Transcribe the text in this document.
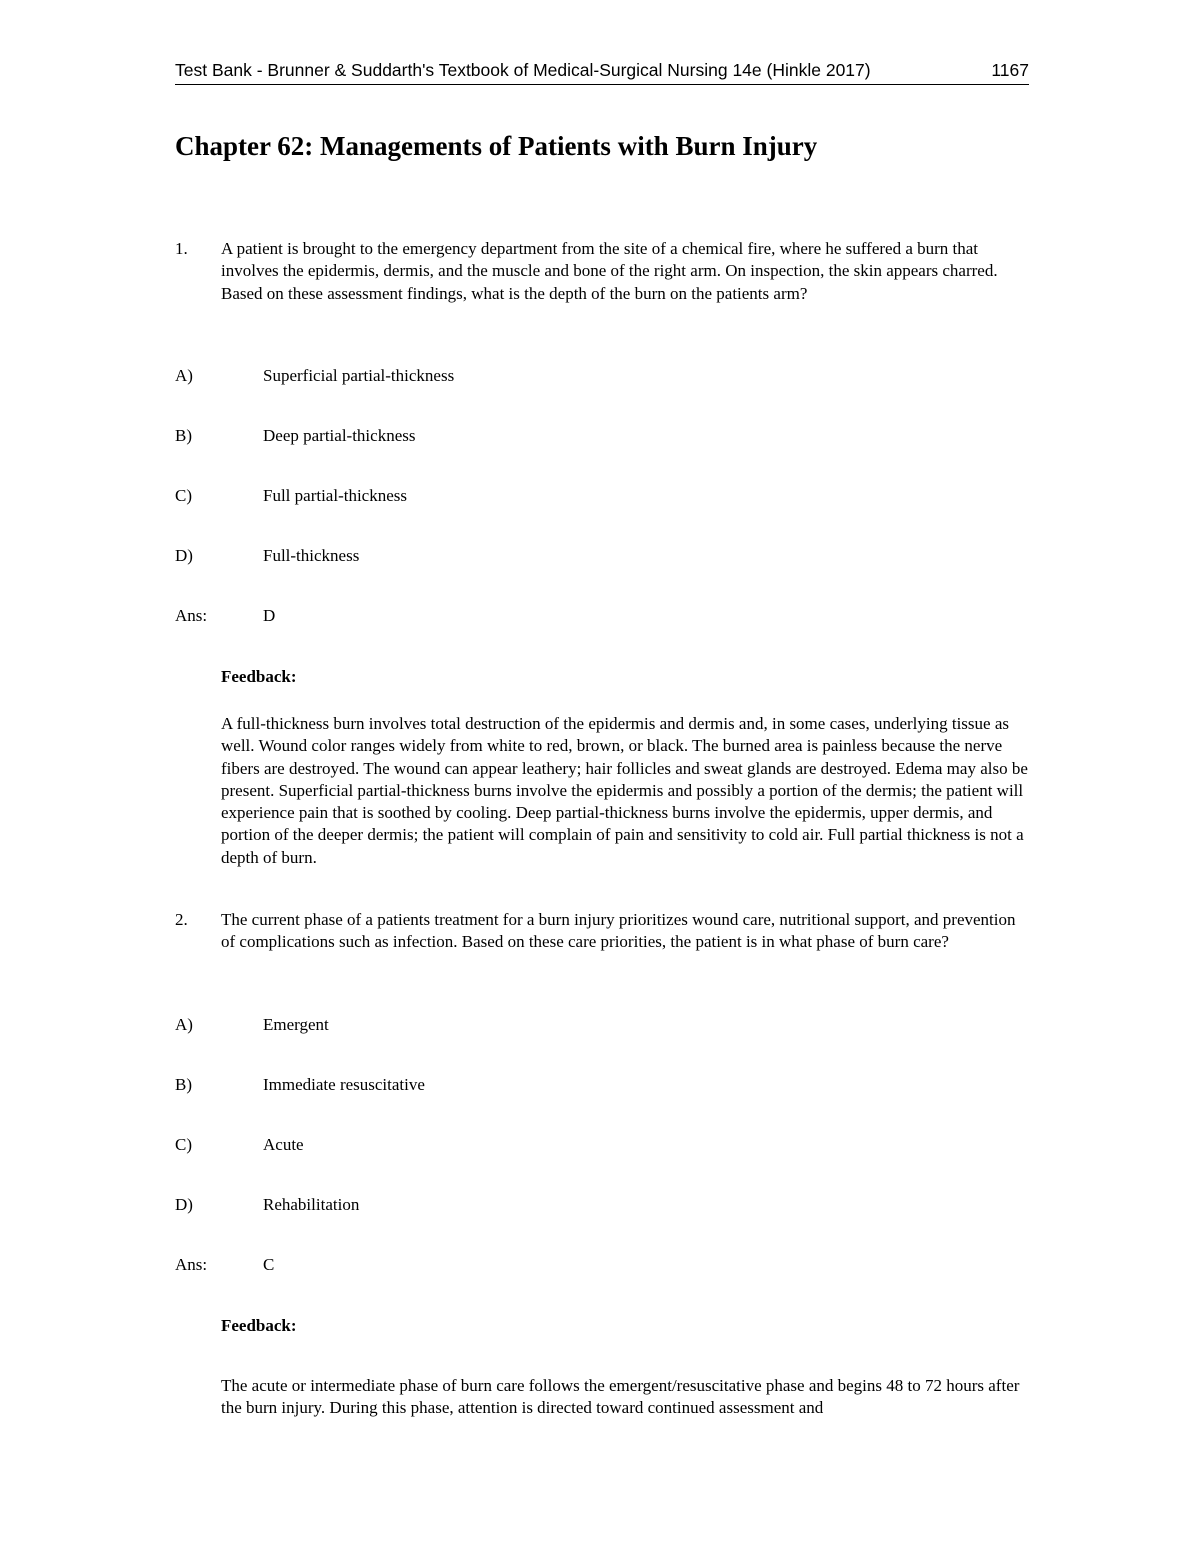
Test Bank - Brunner & Suddarth's Textbook of Medical-Surgical Nursing 14e (Hinkle 2017)	1167
Chapter 62: Managements of Patients with Burn Injury
1. A patient is brought to the emergency department from the site of a chemical fire, where he suffered a burn that involves the epidermis, dermis, and the muscle and bone of the right arm. On inspection, the skin appears charred. Based on these assessment findings, what is the depth of the burn on the patients arm?

A)	Superficial partial-thickness
B)	Deep partial-thickness
C)	Full partial-thickness
D)	Full-thickness
Ans:	D
Feedback:

A full-thickness burn involves total destruction of the epidermis and dermis and, in some cases, underlying tissue as well. Wound color ranges widely from white to red, brown, or black. The burned area is painless because the nerve fibers are destroyed. The wound can appear leathery; hair follicles and sweat glands are destroyed. Edema may also be present. Superficial partial-thickness burns involve the epidermis and possibly a portion of the dermis; the patient will experience pain that is soothed by cooling. Deep partial-thickness burns involve the epidermis, upper dermis, and portion of the deeper dermis; the patient will complain of pain and sensitivity to cold air. Full partial thickness is not a depth of burn.

2. The current phase of a patients treatment for a burn injury prioritizes wound care, nutritional support, and prevention of complications such as infection. Based on these care priorities, the patient is in what phase of burn care?

A)	Emergent
B)	Immediate resuscitative
C)	Acute
D)	Rehabilitation
Ans:	C
Feedback:

The acute or intermediate phase of burn care follows the emergent/resuscitative phase and begins 48 to 72 hours after the burn injury. During this phase, attention is directed toward continued assessment and
